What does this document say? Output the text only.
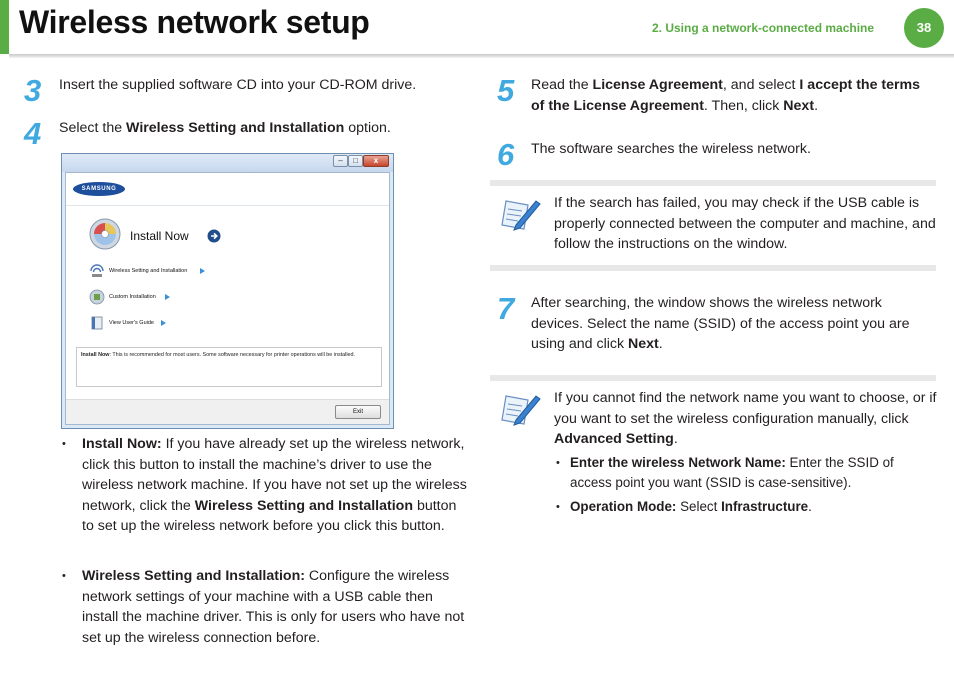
Wireless network setup	2. Using a network-connected machine	38
3 Insert the supplied software CD into your CD-ROM drive.
4 Select the Wireless Setting and Installation option.
–	□	x
SAMSUNG
Install Now
Wireless Setting and Installation
Custom Installation
View User's Guide
Install Now: This is recommended for most users. Some software necessary for printer operations will be installed.
Exit
• Install Now: If you have already set up the wireless network, click this button to install the machine’s driver to use the wireless network machine. If you have not set up the wireless network, click the Wireless Setting and Installation button to set up the wireless network before you click this button.
• Wireless Setting and Installation: Configure the wireless network settings of your machine with a USB cable then install the machine driver. This is only for users who have not set up the wireless connection before.
5 Read the License Agreement, and select I accept the terms of the License Agreement. Then, click Next.
6 The software searches the wireless network.
If the search has failed, you may check if the USB cable is properly connected between the computer and machine, and follow the instructions on the window.
7 After searching, the window shows the wireless network devices. Select the name (SSID) of the access point you are using and click Next.
If you cannot find the network name you want to choose, or if you want to set the wireless configuration manually, click Advanced Setting.
• Enter the wireless Network Name: Enter the SSID of access point you want (SSID is case-sensitive).
• Operation Mode: Select Infrastructure.
